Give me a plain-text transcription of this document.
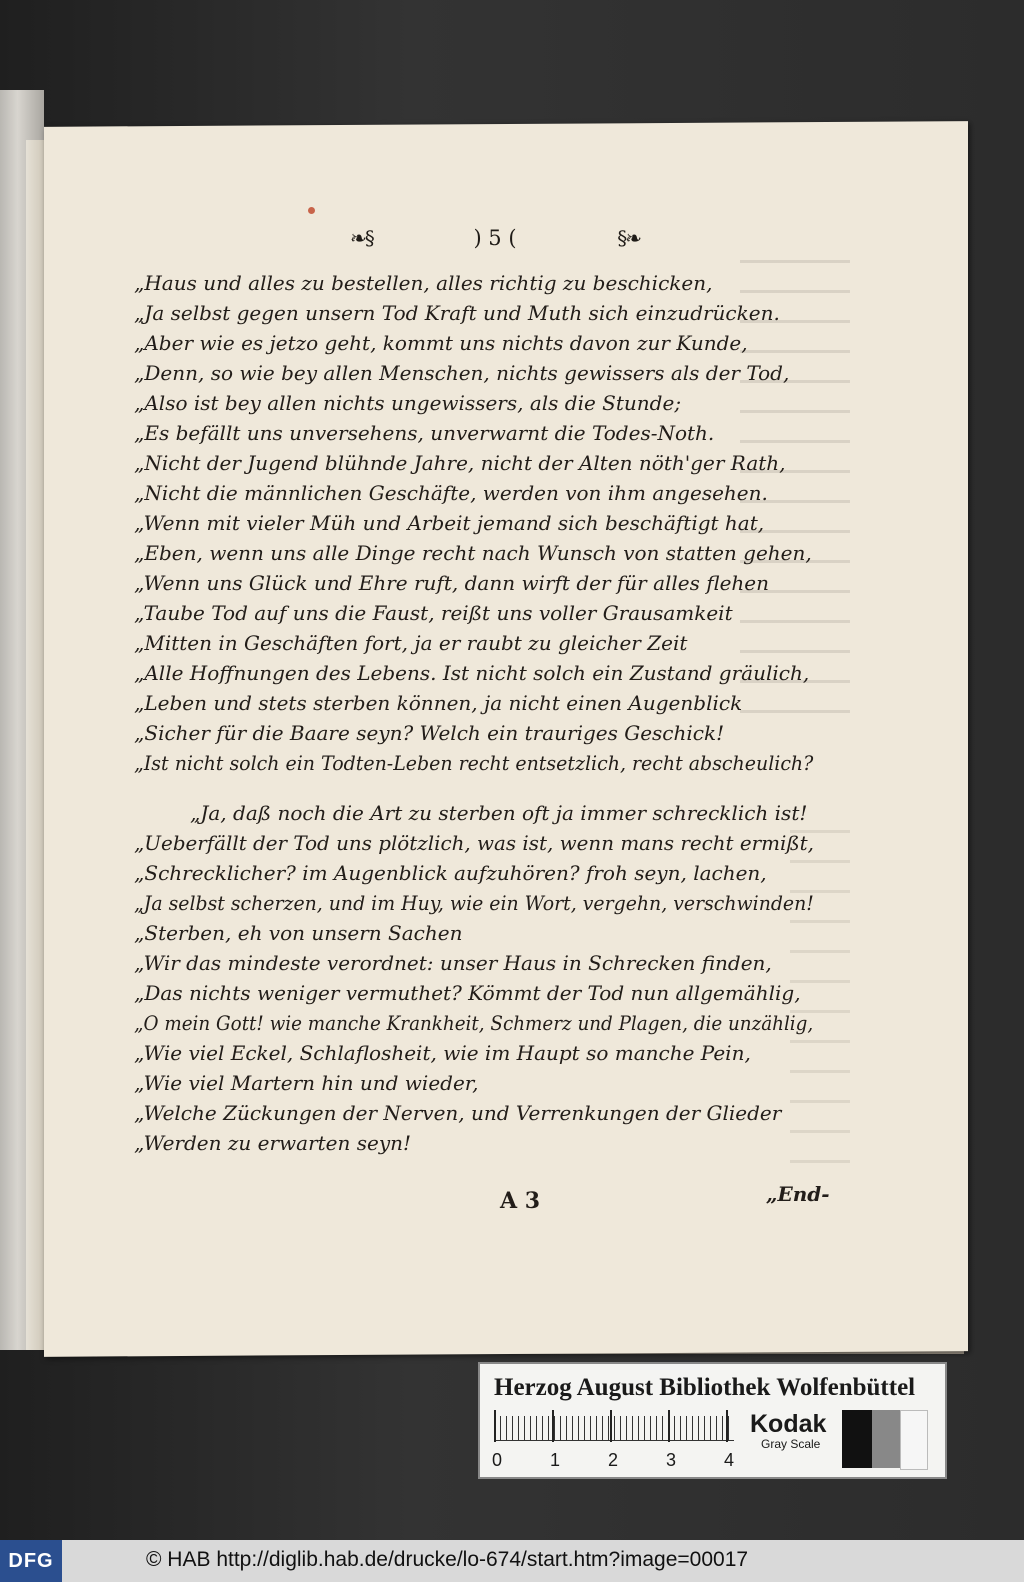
❧§	) 5 (	§❧
„Haus und alles zu bestellen, alles richtig zu beschicken,
„Ja selbst gegen unsern Tod Kraft und Muth sich einzudrücken.
„Aber wie es jetzo geht, kommt uns nichts davon zur Kunde,
„Denn, so wie bey allen Menschen, nichts gewissers als der Tod,
„Also ist bey allen nichts ungewissers, als die Stunde;
„Es befällt uns unversehens, unverwarnt die Todes-Noth.
„Nicht der Jugend blühnde Jahre, nicht der Alten nöth'ger Rath,
„Nicht die männlichen Geschäfte, werden von ihm angesehen.
„Wenn mit vieler Müh und Arbeit jemand sich beschäftigt hat,
„Eben, wenn uns alle Dinge recht nach Wunsch von statten gehen,
„Wenn uns Glück und Ehre ruft, dann wirft der für alles flehen
„Taube Tod auf uns die Faust, reißt uns voller Grausamkeit
„Mitten in Geschäften fort, ja er raubt zu gleicher Zeit
„Alle Hoffnungen des Lebens. Ist nicht solch ein Zustand gräulich,
„Leben und stets sterben können, ja nicht einen Augenblick
„Sicher für die Baare seyn? Welch ein trauriges Geschick!
„Ist nicht solch ein Todten-Leben recht entsetzlich, recht abscheulich?
„Ja, daß noch die Art zu sterben oft ja immer schrecklich ist!
„Ueberfällt der Tod uns plötzlich, was ist, wenn mans recht ermißt,
„Schrecklicher? im Augenblick aufzuhören? froh seyn, lachen,
„Ja selbst scherzen, und im Huy, wie ein Wort, vergehn, verschwinden!
„Sterben, eh von unsern Sachen
„Wir das mindeste verordnet: unser Haus in Schrecken finden,
„Das nichts weniger vermuthet? Kömmt der Tod nun allgemählig,
„O mein Gott! wie manche Krankheit, Schmerz und Plagen, die unzählig,
„Wie viel Eckel, Schlaflosheit, wie im Haupt so manche Pein,
„Wie viel Martern hin und wieder,
„Welche Zückungen der Nerven, und Verrenkungen der Glieder
„Werden zu erwarten seyn!
A 3	„End-
Herzog August Bibliothek Wolfenbüttel
0	1	2	3	4
Kodak
Gray Scale
DFG	© HAB http://diglib.hab.de/drucke/lo-674/start.htm?image=00017
